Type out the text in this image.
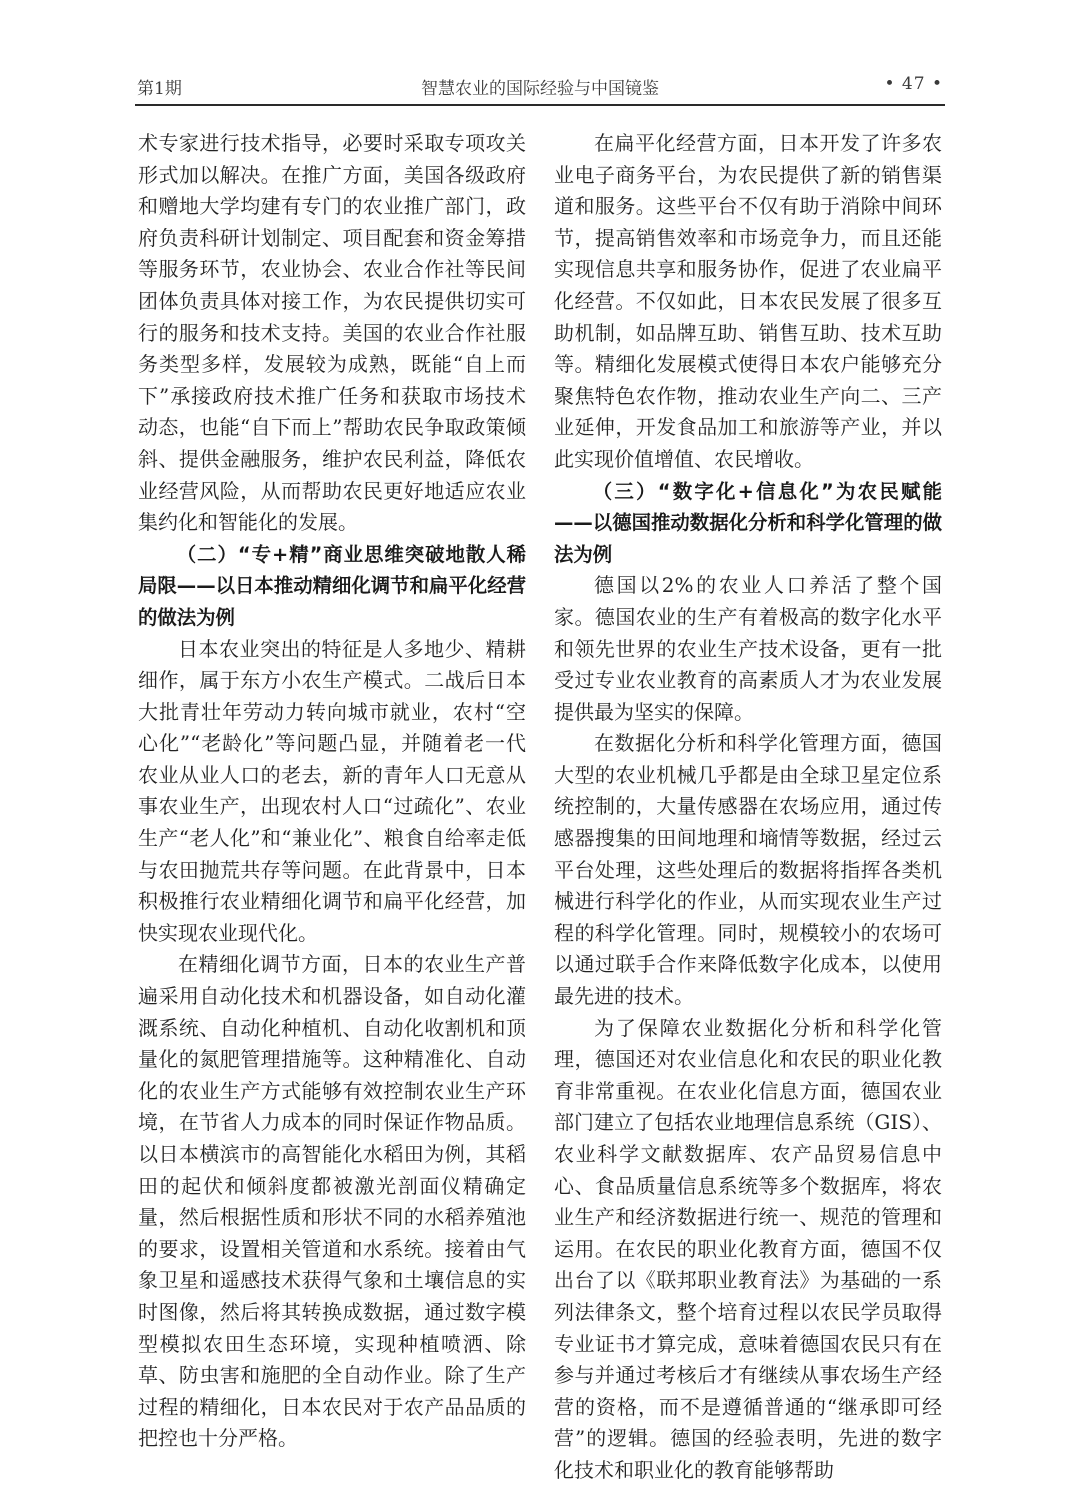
第1期	智慧农业的国际经验与中国镜鉴	• 47 •

术专家进行技术指导，必要时采取专项攻关形式加以解决。在推广方面，美国各级政府和赠地大学均建有专门的农业推广部门，政府负责科研计划制定、项目配套和资金筹措等服务环节，农业协会、农业合作社等民间团体负责具体对接工作，为农民提供切实可行的服务和技术支持。美国的农业合作社服务类型多样，发展较为成熟，既能“自上而下”承接政府技术推广任务和获取市场技术动态，也能“自下而上”帮助农民争取政策倾斜、提供金融服务，维护农民利益，降低农业经营风险，从而帮助农民更好地适应农业集约化和智能化的发展。

（二）“专+精”商业思维突破地散人稀局限——以日本推动精细化调节和扁平化经营的做法为例

日本农业突出的特征是人多地少、精耕细作，属于东方小农生产模式。二战后日本大批青壮年劳动力转向城市就业，农村“空心化”“老龄化”等问题凸显，并随着老一代农业从业人口的老去，新的青年人口无意从事农业生产，出现农村人口“过疏化”、农业生产“老人化”和“兼业化”、粮食自给率走低与农田抛荒共存等问题。在此背景中，日本积极推行农业精细化调节和扁平化经营，加快实现农业现代化。

在精细化调节方面，日本的农业生产普遍采用自动化技术和机器设备，如自动化灌溉系统、自动化种植机、自动化收割机和顶量化的氮肥管理措施等。这种精准化、自动化的农业生产方式能够有效控制农业生产环境，在节省人力成本的同时保证作物品质。以日本横滨市的高智能化水稻田为例，其稻田的起伏和倾斜度都被激光剖面仪精确定量，然后根据性质和形状不同的水稻养殖池的要求，设置相关管道和水系统。接着由气象卫星和遥感技术获得气象和土壤信息的实时图像，然后将其转换成数据，通过数字模型模拟农田生态环境，实现种植喷洒、除草、防虫害和施肥的全自动作业。除了生产过程的精细化，日本农民对于农产品品质的把控也十分严格。

在扁平化经营方面，日本开发了许多农业电子商务平台，为农民提供了新的销售渠道和服务。这些平台不仅有助于消除中间环节，提高销售效率和市场竞争力，而且还能实现信息共享和服务协作，促进了农业扁平化经营。不仅如此，日本农民发展了很多互助机制，如品牌互助、销售互助、技术互助等。精细化发展模式使得日本农户能够充分聚焦特色农作物，推动农业生产向二、三产业延伸，开发食品加工和旅游等产业，并以此实现价值增值、农民增收。

（三）“数字化+信息化”为农民赋能——以德国推动数据化分析和科学化管理的做法为例

德国以2%的农业人口养活了整个国家。德国农业的生产有着极高的数字化水平和领先世界的农业生产技术设备，更有一批受过专业农业教育的高素质人才为农业发展提供最为坚实的保障。

在数据化分析和科学化管理方面，德国大型的农业机械几乎都是由全球卫星定位系统控制的，大量传感器在农场应用，通过传感器搜集的田间地理和墒情等数据，经过云平台处理，这些处理后的数据将指挥各类机械进行科学化的作业，从而实现农业生产过程的科学化管理。同时，规模较小的农场可以通过联手合作来降低数字化成本，以使用最先进的技术。

为了保障农业数据化分析和科学化管理，德国还对农业信息化和农民的职业化教育非常重视。在农业化信息方面，德国农业部门建立了包括农业地理信息系统（GIS）、农业科学文献数据库、农产品贸易信息中心、食品质量信息系统等多个数据库，将农业生产和经济数据进行统一、规范的管理和运用。在农民的职业化教育方面，德国不仅出台了以《联邦职业教育法》为基础的一系列法律条文，整个培育过程以农民学员取得专业证书才算完成，意味着德国农民只有在参与并通过考核后才有继续从事农场生产经营的资格，而不是遵循普通的“继承即可经营”的逻辑。德国的经验表明，先进的数字化技术和职业化的教育能够帮助
